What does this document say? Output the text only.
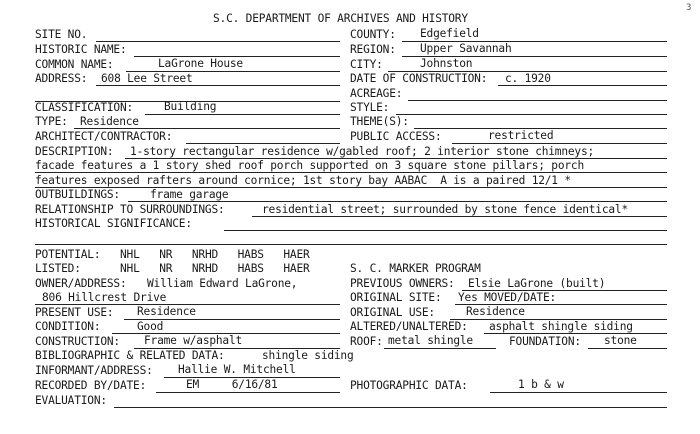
3
S.C. DEPARTMENT OF ARCHIVES AND HISTORY
SITE NO.	COUNTY: Edgefield
HISTORIC NAME:	REGION: Upper Savannah
COMMON NAME:	LaGrone House	CITY:	Johnston
ADDRESS: 608 Lee Street	DATE OF CONSTRUCTION: c. 1920
ACREAGE:
CLASSIFICATION:	Building	STYLE:
TYPE: Residence	THEME(S):
ARCHITECT/CONTRACTOR:	PUBLIC ACCESS:	restricted
DESCRIPTION: 1-story rectangular residence w/gabled roof; 2 interior stone chimneys;
facade features a 1 story shed roof porch supported on 3 square stone pillars; porch
features exposed rafters around cornice; 1st story bay AABAC  A is a paired 12/1 *
OUTBUILDINGS:	frame garage
RELATIONSHIP TO SURROUNDINGS:	residential street; surrounded by stone fence identical*
HISTORICAL SIGNIFICANCE:
POTENTIAL: NHL   NR   NRHD   HABS   HAER
LISTED:	NHL   NR   NRHD   HABS   HAER	S. C. MARKER PROGRAM
OWNER/ADDRESS: William Edward LaGrone,	PREVIOUS OWNERS: Elsie LaGrone (built)
806 Hillcrest Drive	ORIGINAL SITE: Yes MOVED/DATE:
PRESENT USE: Residence	ORIGINAL USE:	Residence
CONDITION:	Good	ALTERED/UNALTERED: asphalt shingle siding
CONSTRUCTION: Frame w/asphalt	ROOF: metal shingle	FOUNDATION: stone
BIBLIOGRAPHIC & RELATED DATA:	shingle siding
INFORMANT/ADDRESS: Hallie W. Mitchell
RECORDED BY/DATE:	EM     6/16/81	PHOTOGRAPHIC DATA:	1 b & w
EVALUATION:
